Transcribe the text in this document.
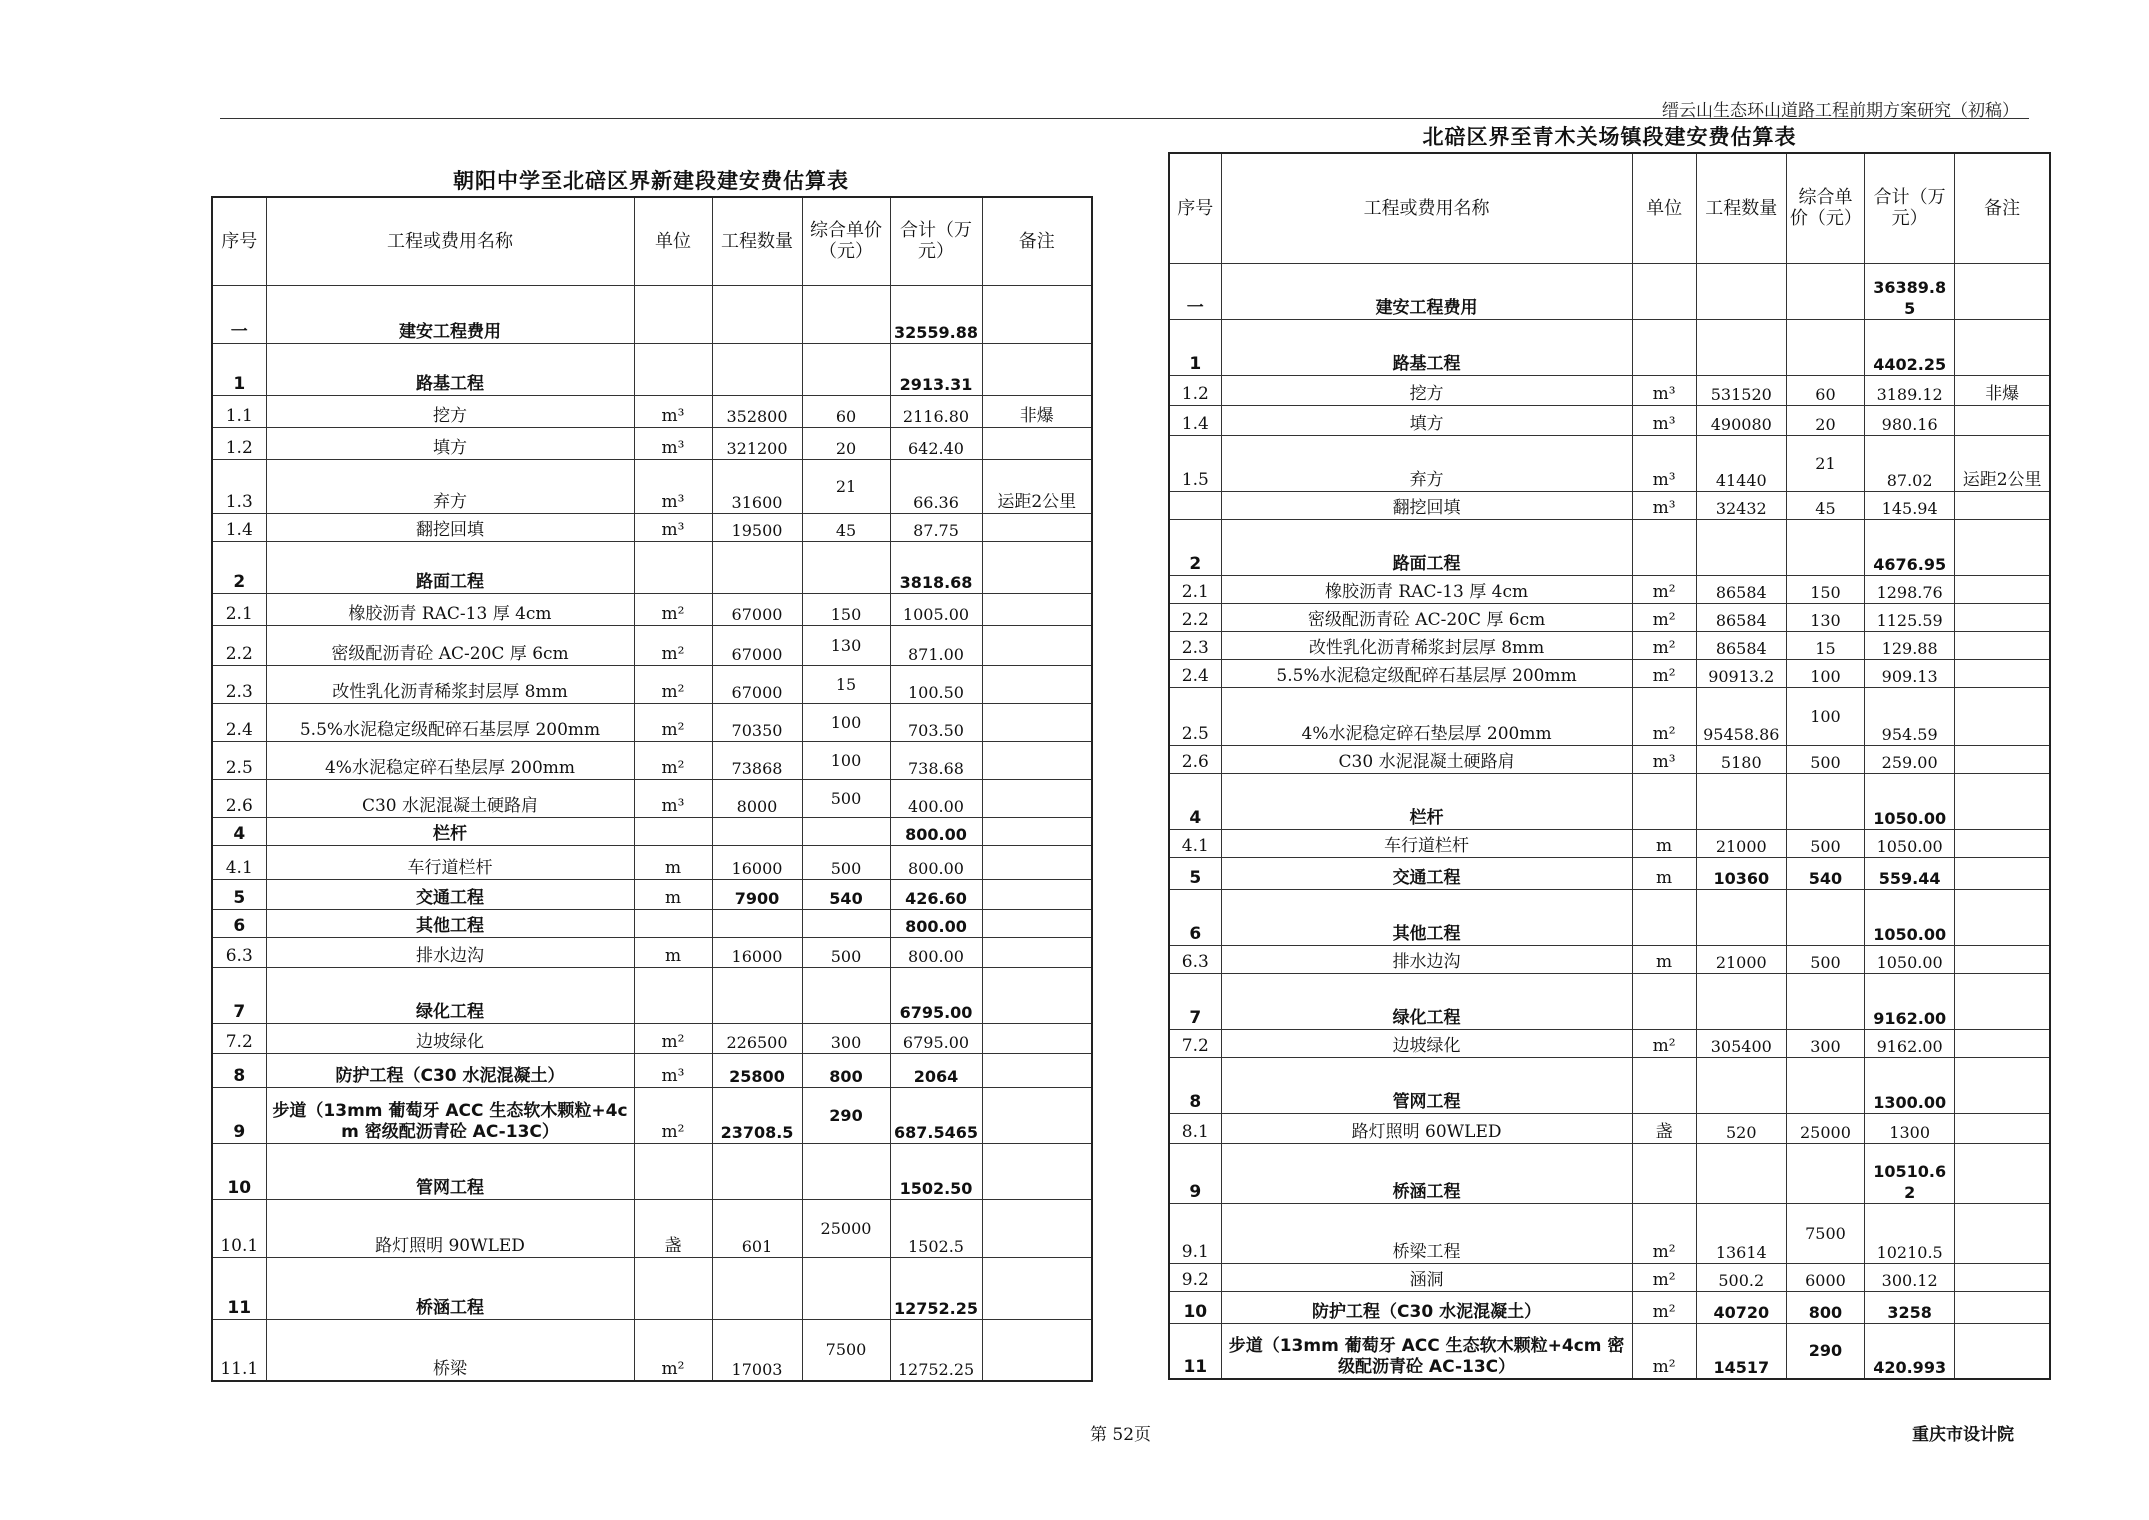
缙云山生态环山道路工程前期方案研究（初稿）
朝阳中学至北碚区界新建段建安费估算表
序号	工程或费用名称	单位	工程数量	综合单价（元）	合计（万元）	备注
一	建安工程费用				32559.88	
1	路基工程				2913.31	
1.1	挖方	m³	352800	60	2116.80	非爆
1.2	填方	m³	321200	20	642.40	
1.3	弃方	m³	31600	21	66.36	运距2公里
1.4	翻挖回填	m³	19500	45	87.75	
2	路面工程				3818.68	
2.1	橡胶沥青 RAC-13 厚 4cm	m²	67000	150	1005.00	
2.2	密级配沥青砼 AC-20C 厚 6cm	m²	67000	130	871.00	
2.3	改性乳化沥青稀浆封层厚 8mm	m²	67000	15	100.50	
2.4	5.5%水泥稳定级配碎石基层厚 200mm	m²	70350	100	703.50	
2.5	4%水泥稳定碎石垫层厚 200mm	m²	73868	100	738.68	
2.6	C30 水泥混凝土硬路肩	m³	8000	500	400.00	
4	栏杆				800.00	
4.1	车行道栏杆	m	16000	500	800.00	
5	交通工程	m	7900	540	426.60	
6	其他工程				800.00	
6.3	排水边沟	m	16000	500	800.00	
7	绿化工程				6795.00	
7.2	边坡绿化	m²	226500	300	6795.00	
8	防护工程（C30 水泥混凝土）	m³	25800	800	2064	
9	步道（13mm 葡萄牙 ACC 生态软木颗粒+4cm 密级配沥青砼 AC-13C）	m²	23708.5	290	687.5465	
10	管网工程				1502.50	
10.1	路灯照明 90WLED	盏	601	25000	1502.5	
11	桥涵工程				12752.25	
11.1	桥梁	m²	17003	7500	12752.25	
北碚区界至青木关场镇段建安费估算表
序号	工程或费用名称	单位	工程数量	综合单价（元）	合计（万元）	备注
一	建安工程费用				36389.85	
1	路基工程				4402.25	
1.2	挖方	m³	531520	60	3189.12	非爆
1.4	填方	m³	490080	20	980.16	
1.5	弃方	m³	41440	21	87.02	运距2公里
	翻挖回填	m³	32432	45	145.94	
2	路面工程				4676.95	
2.1	橡胶沥青 RAC-13 厚 4cm	m²	86584	150	1298.76	
2.2	密级配沥青砼 AC-20C 厚 6cm	m²	86584	130	1125.59	
2.3	改性乳化沥青稀浆封层厚 8mm	m²	86584	15	129.88	
2.4	5.5%水泥稳定级配碎石基层厚 200mm	m²	90913.2	100	909.13	
2.5	4%水泥稳定碎石垫层厚 200mm	m²	95458.86	100	954.59	
2.6	C30 水泥混凝土硬路肩	m³	5180	500	259.00	
4	栏杆				1050.00	
4.1	车行道栏杆	m	21000	500	1050.00	
5	交通工程	m	10360	540	559.44	
6	其他工程				1050.00	
6.3	排水边沟	m	21000	500	1050.00	
7	绿化工程				9162.00	
7.2	边坡绿化	m²	305400	300	9162.00	
8	管网工程				1300.00	
8.1	路灯照明 60WLED	盏	520	25000	1300	
9	桥涵工程				10510.62	
9.1	桥梁工程	m²	13614	7500	10210.5	
9.2	涵洞	m²	500.2	6000	300.12	
10	防护工程（C30 水泥混凝土）	m²	40720	800	3258	
11	步道（13mm 葡萄牙 ACC 生态软木颗粒+4cm 密级配沥青砼 AC-13C）	m²	14517	290	420.993	
第 52页	重庆市设计院
